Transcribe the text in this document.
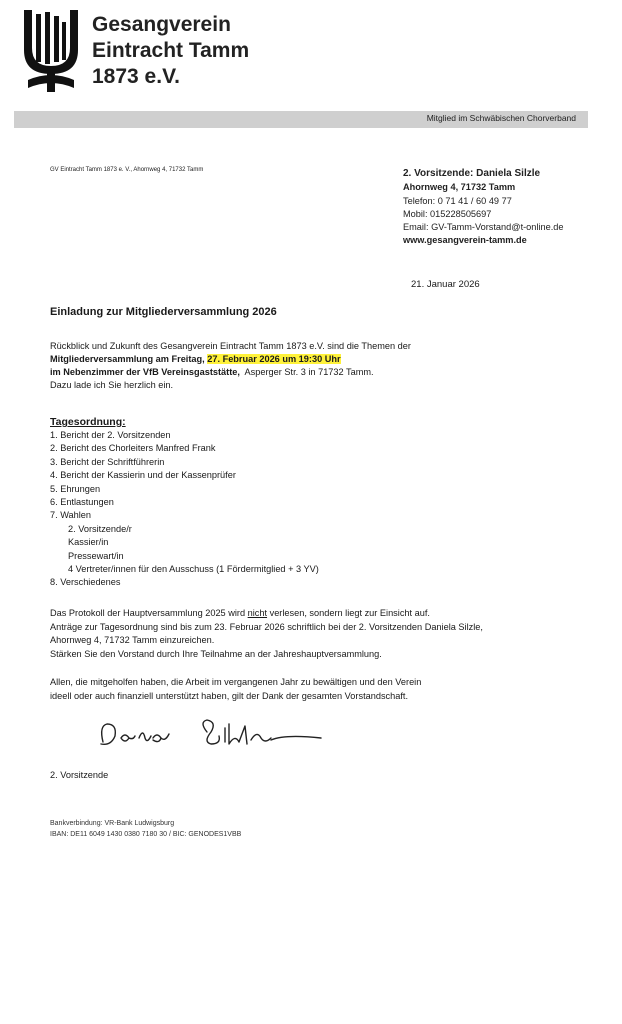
Gesangverein
Eintracht Tamm
1873 e.V.
Mitglied im Schwäbischen Chorverband
GV Eintracht Tamm 1873 e. V., Ahornweg 4, 71732 Tamm	2. Vorsitzende: Daniela Silzle
Ahornweg 4, 71732 Tamm
Telefon: 0 71 41 / 60 49 77
Mobil: 015228505697
Email: GV-Tamm-Vorstand@t-online.de
www.gesangverein-tamm.de
21. Januar 2026
Einladung zur Mitgliederversammlung 2026
Rückblick und Zukunft des Gesangverein Eintracht Tamm 1873 e.V. sind die Themen der
Mitgliederversammlung am Freitag, 27. Februar 2026 um 19:30 Uhr
im Nebenzimmer der VfB Vereinsgaststätte,  Asperger Str. 3 in 71732 Tamm.
Dazu lade ich Sie herzlich ein.
Tagesordnung:
1. Bericht der 2. Vorsitzenden
2. Bericht des Chorleiters Manfred Frank
3. Bericht der Schriftführerin
4. Bericht der Kassierin und der Kassenprüfer
5. Ehrungen
6. Entlastungen
7. Wahlen
2. Vorsitzende/r
Kassier/in
Pressewart/in
4 Vertreter/innen für den Ausschuss (1 Fördermitglied + 3 YV)
8. Verschiedenes
Das Protokoll der Hauptversammlung 2025 wird nicht verlesen, sondern liegt zur Einsicht auf.
Anträge zur Tagesordnung sind bis zum 23. Februar 2026 schriftlich bei der 2. Vorsitzenden Daniela Silzle,
Ahornweg 4, 71732 Tamm einzureichen.
Stärken Sie den Vorstand durch Ihre Teilnahme an der Jahreshauptversammlung.
Allen, die mitgeholfen haben, die Arbeit im vergangenen Jahr zu bewältigen und den Verein
ideell oder auch finanziell unterstützt haben, gilt der Dank der gesamten Vorstandschaft.
2. Vorsitzende
Bankverbindung: VR-Bank Ludwigsburg
IBAN: DE11 6049 1430 0380 7180 30 / BIC: GENODES1VBB
